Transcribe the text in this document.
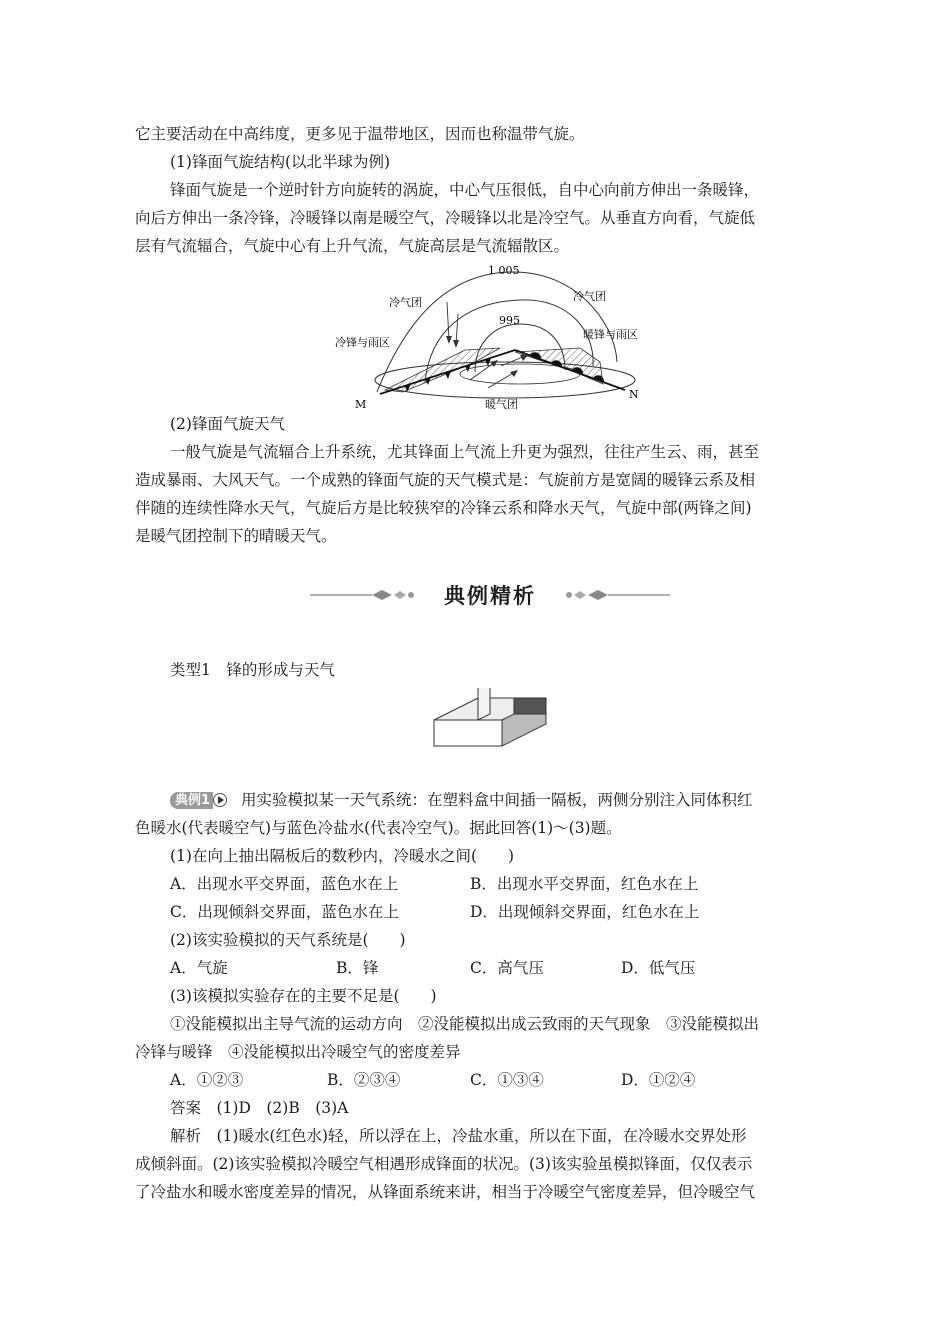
它主要活动在中高纬度，更多见于温带地区，因而也称温带气旋。
(1)锋面气旋结构(以北半球为例)
锋面气旋是一个逆时针方向旋转的涡旋，中心气压很低，自中心向前方伸出一条暖锋，
向后方伸出一条冷锋，冷暖锋以南是暖空气，冷暖锋以北是冷空气。从垂直方向看，气旋低
层有气流辐合，气旋中心有上升气流，气旋高层是气流辐散区。
1 005
995
冷气团	冷气团
冷锋与雨区
暖锋与雨区
暖气团
M
N
(2)锋面气旋天气
一般气旋是气流辐合上升系统，尤其锋面上气流上升更为强烈，往往产生云、雨，甚至
造成暴雨、大风天气。一个成熟的锋面气旋的天气模式是：气旋前方是宽阔的暖锋云系及相
伴随的连续性降水天气，气旋后方是比较狭窄的冷锋云系和降水天气，气旋中部(两锋之间)
是暖气团控制下的晴暖天气。
典例精析
类型1　锋的形成与天气
典例1 用实验模拟某一天气系统：在塑料盒中间插一隔板，两侧分别注入同体积红
色暖水(代表暖空气)与蓝色冷盐水(代表冷空气)。据此回答(1)～(3)题。
(1)在向上抽出隔板后的数秒内，冷暖水之间(　　)
A．出现水平交界面，蓝色水在上	B．出现水平交界面，红色水在上
C．出现倾斜交界面，蓝色水在上	D．出现倾斜交界面，红色水在上
(2)该实验模拟的天气系统是(　　)
A．气旋	B．锋	C．高气压	D．低气压
(3)该模拟实验存在的主要不足是(　　)
①没能模拟出主导气流的运动方向　②没能模拟出成云致雨的天气现象　③没能模拟出
冷锋与暖锋　④没能模拟出冷暖空气的密度差异
A．①②③	B．②③④	C．①③④	D．①②④
答案　(1)D　(2)B　(3)A
解析　(1)暖水(红色水)轻，所以浮在上，冷盐水重，所以在下面，在冷暖水交界处形
成倾斜面。(2)该实验模拟冷暖空气相遇形成锋面的状况。(3)该实验虽模拟锋面，仅仅表示
了冷盐水和暖水密度差异的情况，从锋面系统来讲，相当于冷暖空气密度差异，但冷暖空气
